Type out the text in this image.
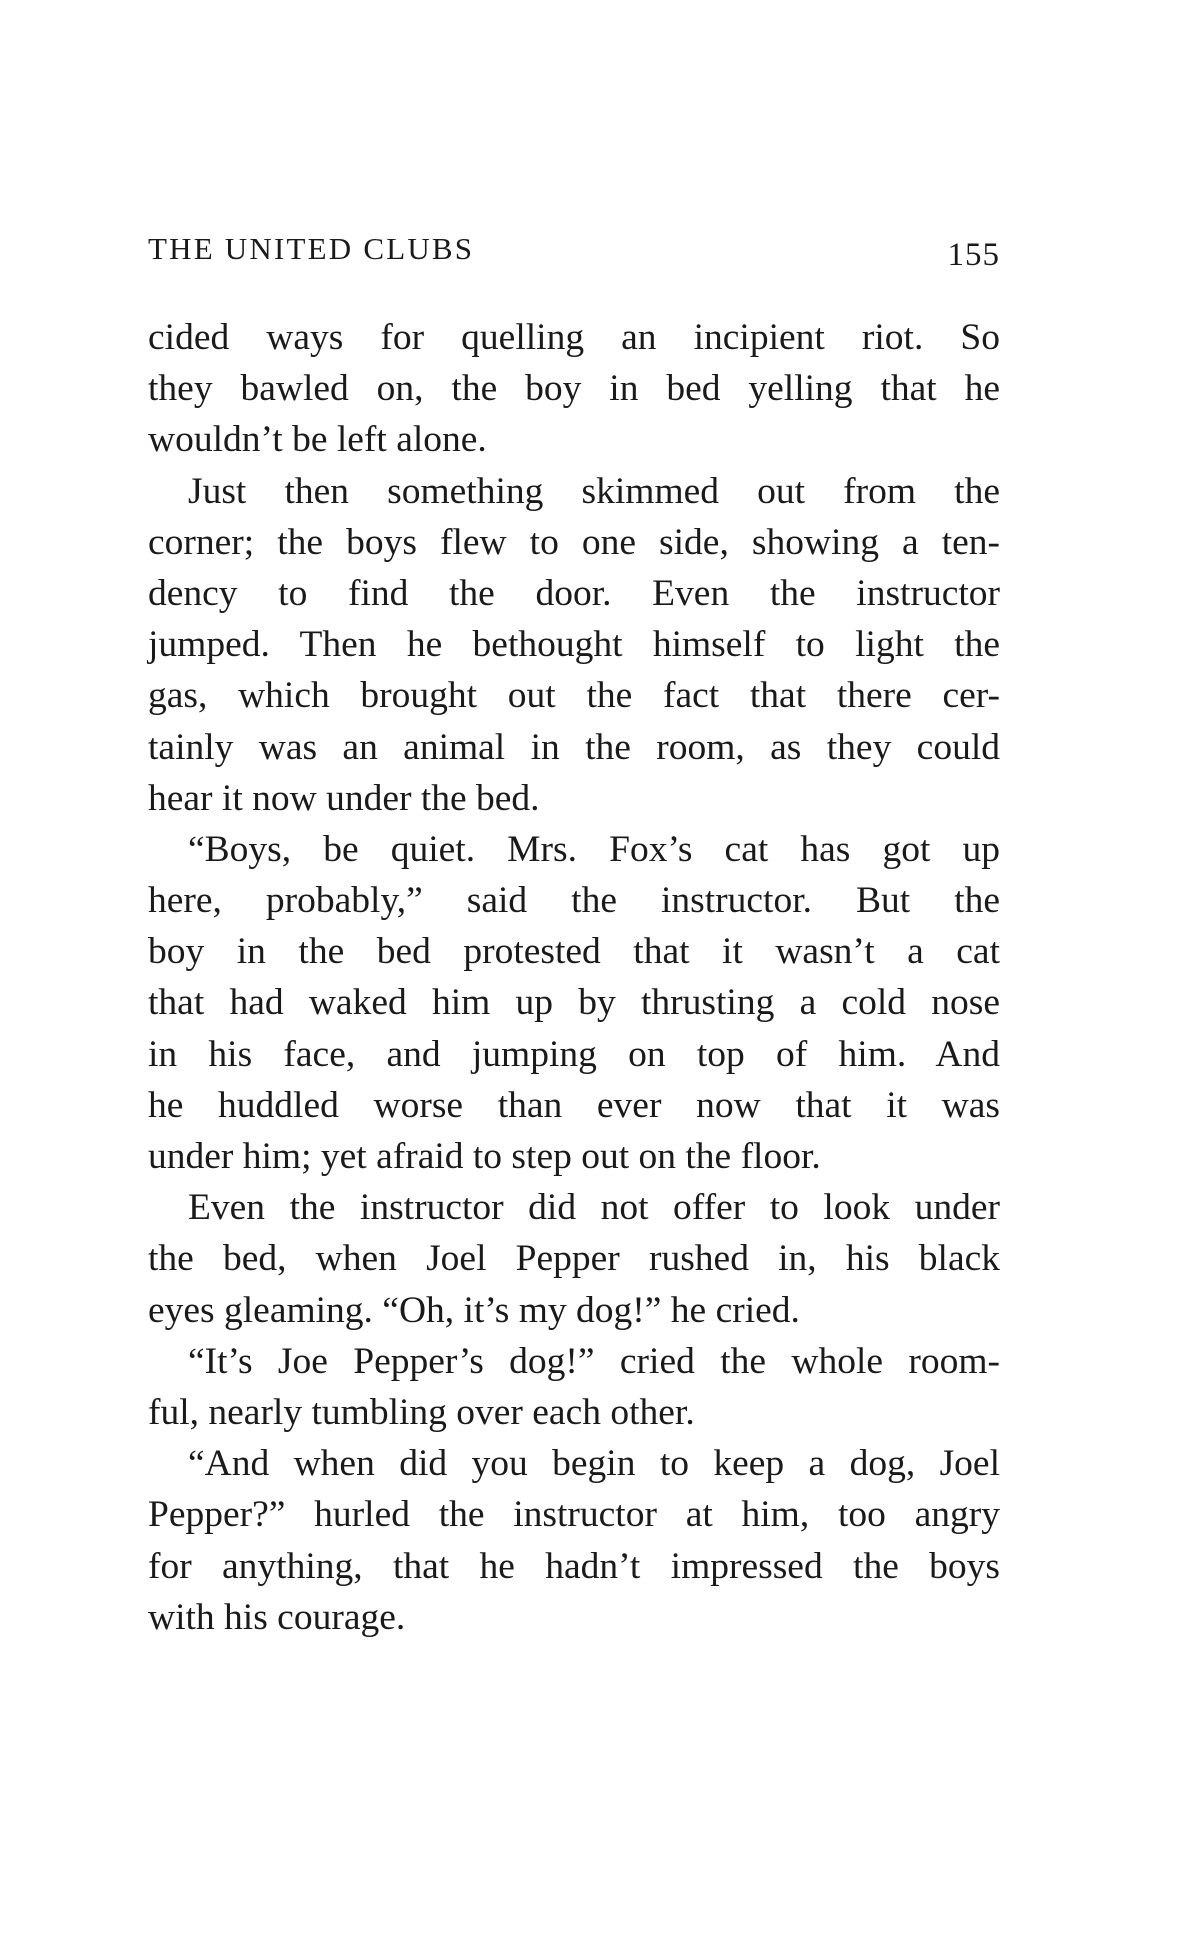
THE UNITED CLUBS	155
cided ways for quelling an incipient riot. So
they bawled on, the boy in bed yelling that he
wouldn’t be left alone.
Just then something skimmed out from the
corner; the boys flew to one side, showing a ten-
dency to find the door. Even the instructor
jumped. Then he bethought himself to light the
gas, which brought out the fact that there cer-
tainly was an animal in the room, as they could
hear it now under the bed.
“Boys, be quiet. Mrs. Fox’s cat has got up
here, probably,” said the instructor. But the
boy in the bed protested that it wasn’t a cat
that had waked him up by thrusting a cold nose
in his face, and jumping on top of him. And
he huddled worse than ever now that it was
under him; yet afraid to step out on the floor.
Even the instructor did not offer to look under
the bed, when Joel Pepper rushed in, his black
eyes gleaming. “Oh, it’s my dog!” he cried.
“It’s Joe Pepper’s dog!” cried the whole room-
ful, nearly tumbling over each other.
“And when did you begin to keep a dog, Joel
Pepper?” hurled the instructor at him, too angry
for anything, that he hadn’t impressed the boys
with his courage.
